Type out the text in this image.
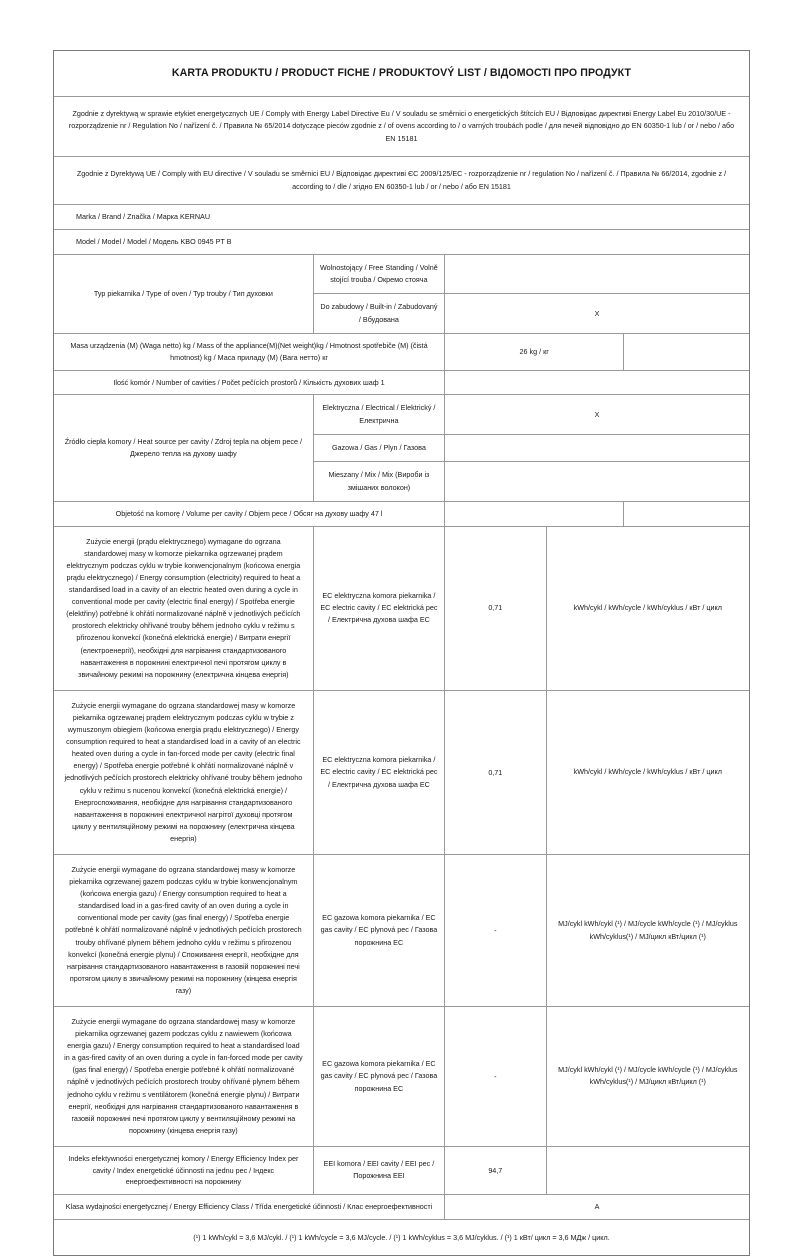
KARTA PRODUKTU / PRODUCT FICHE / PRODUKTOVÝ LIST / ВІДОМОСТІ ПРО ПРОДУКТ				
Zgodnie z dyrektywą w sprawie etykiet energetycznych UE / Comply with Energy Label Directive Eu / V souladu se směrnici o energetických štítcích EU / Відповідає директиві Energy Label Eu 2010/30/UE - rozporządzenie nr / Regulation No / nařízení č. / Правила № 65/2014 dotyczące pieców zgodnie z / of ovens according to / o varných troubách podle / для печей відповідно до EN 60350-1 lub / or / nebo / або EN 15181				
Zgodnie z Dyrektywą UE / Comply with EU directive / V souladu se směrnici EU / Відповідає директиві ЄС 2009/125/EC - rozporządzenie nr / regulation No / nařízení č. / Правила № 66/2014, zgodnie z / according to / dle / згідно EN 60350-1 lub / or / nebo / або EN 15181				
Marka / Brand / Značka / Марка KERNAU				
Model / Model / Model / Модель KBO 0945 PT B				
Typ piekarnika / Type of oven / Typ trouby / Тип духовки	Wolnostojący / Free Standing / Volně stojící trouba / Окремо стояча			
	Do zabudowy / Built-in / Zabudovaný / Вбудована	X		
Masa urządzenia (M) (Waga netto) kg / Mass of the appliance(M)(Net weight)kg / Hmotnost spotřebiče (M) (čistá hmotnost) kg / Маса приладу (M) (Вага нетто) кг		26 kg / кг		
Ilość komór / Number of cavities / Počet pečících prostorů / Кількість духових шаф 1				
Źródło ciepła komory / Heat source per cavity / Zdroj tepla na objem pece / Джерело тепла на духову шафу	Elektryczna / Electrical / Elektrický / Електрична	X		
	Gazowa / Gas / Plyn / Газова			
	Mieszany / Mix / Mix (Вироби із змішаних волокон)			
Objetość na komorę / Volume per cavity / Objem pece / Обсяг на духову шафу 47 l				
Zużycie energii (prądu elektrycznego) wymagane do ogrzana standardowej masy w komorze piekarnika ogrzewanej prądem elektrycznym podczas cyklu w trybie konwencjonalnym (końcowa energia prądu elektrycznego) / Energy consumption (electricity) required to heat a standardised load in a cavity of an electric heated oven during a cycle in conventional mode per cavity (electric final energy) / Spotřeba energie (elektřiny) potřebné k ohřátí normalizované náplně v jednotlivých pečících prostorech elektricky ohřívané trouby během jednoho cyklu v režimu s přirozenou konvekcí (konečná elektrická energie) / Витрати енергії (електроенергії), необхідні для нагрівання стандартизованого навантаження в порожнині електричної печі протягом циклу в звичайному режимі на порожнину (електрична кінцева енергія)	EC elektryczna komora piekarnika / EC electric cavity / EC elektrická pec / Електрична духова шафа EC	0,71	kWh/cykl / kWh/cycle / kWh/cyklus / кВт / цикл	
Zużycie energii wymagane do ogrzana standardowej masy w komorze piekarnika ogrzewanej prądem elektrycznym podczas cyklu w trybie z wymuszonym obiegiem (końcowa energia prądu elektrycznego) / Energy consumption required to heat a standardised load in a cavity of an electric heated oven during a cycle in fan-forced mode per cavity (electric final energy) / Spotřeba energie potřebné k ohřátí normalizované náplně v jednotlivých pečících prostorech elektricky ohřívané trouby během jednoho cyklu v režimu s nucenou konvekcí (konečná elektrická energie) / Енергоспоживання, необхідне для нагрівання стандартизованого навантаження в порожнині електричної нагрітої духовці протягом циклу у вентиляційному режимі на порожнину (електрична кінцева енергія)	EC elektryczna komora piekarnika / EC electric cavity / EC elektrická pec / Електрична духова шафа EC	0,71	kWh/cykl / kWh/cycle / kWh/cyklus / кВт / цикл	
Zużycie energii wymagane do ogrzana standardowej masy w komorze piekarnika ogrzewanej gazem podczas cyklu w trybie konwencjonalnym (końcowa energia gazu) / Energy consumption required to heat a standardised load in a gas-fired cavity of an oven during a cycle in conventional mode per cavity (gas final energy) / Spotřeba energie potřebné k ohřátí normalizované náplně v jednotlivých pečících prostorech trouby ohřívané plynem během jednoho cyklu v režimu s přirozenou konvekcí (konečná energie plynu) / Споживання енергії, необхідне для нагрівання стандартизованого навантаження в газовій порожнині печі протягом циклу в звичайному режимі на порожнину (кінцева енергія газу)	EC gazowa komora piekarnika / EC gas cavity / EC plynová pec / Газова порожнина EC	-	MJ/cykl kWh/cykl (¹) / MJ/cycle kWh/cycle (¹) / MJ/cyklus kWh/cyklus(¹) / MJ/цикл кВт/цикл (¹)	
Zużycie energii wymagane do ogrzana standardowej masy w komorze piekarnika ogrzewanej gazem podczas cyklu z nawiewem (końcowa energia gazu) / Energy consumption required to heat a standardised load in a gas-fired cavity of an oven during a cycle in fan-forced mode per cavity (gas final energy) / Spotřeba energie potřebné k ohřátí normalizované náplně v jednotlivých pečících prostorech trouby ohřívané plynem během jednoho cyklu v režimu s ventilátorem (konečná energie plynu) / Витрати енергії, необхідні для нагрівання стандартизованого навантаження в газовій порожнині печі протягом циклу у вентиляційному режимі на порожнину (кінцева енергія газу)	EC gazowa komora piekarnika / EC gas cavity / EC plynová pec / Газова порожнина EC	-	MJ/cykl kWh/cykl (¹) / MJ/cycle kWh/cycle (¹) / MJ/cyklus kWh/cyklus(¹) / MJ/цикл кВт/цикл (¹)	
Indeks efektywności energetycznej komory / Energy Efficiency Index per cavity / Index energetické účinnosti na jednu pec / Індекс енергоефективності на порожнину	EEI komora / EEI cavity / EEI pec / Порожнина EEI	94,7		
Klasa wydajności energetycznej / Energy Efficiency Class / Třída energetické účinnosti / Клас енергоефективності		A		
(¹) 1 kWh/cykl = 3,6 MJ/cykl. / (¹) 1 kWh/cycle = 3,6 MJ/cycle. / (¹) 1 kWh/cyklus = 3,6 MJ/cyklus. / (¹) 1 кВт/ цикл = 3,6 МДж / цикл.				
